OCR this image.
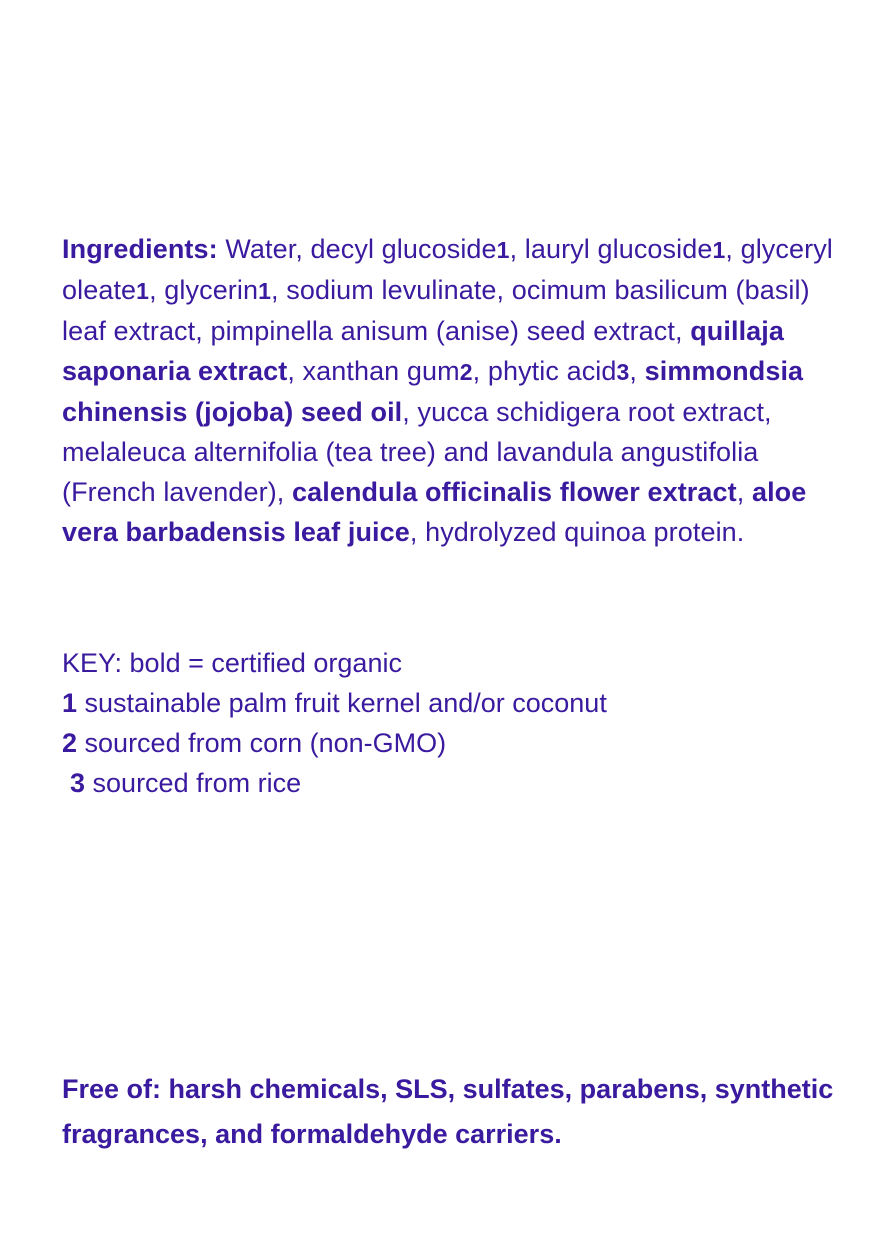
Ingredients: Water, decyl glucoside1, lauryl glucoside1, glyceryl oleate1, glycerin1, sodium levulinate, ocimum basilicum (basil) leaf extract, pimpinella anisum (anise) seed extract, quillaja saponaria extract, xanthan gum2, phytic acid3, simmondsia chinensis (jojoba) seed oil, yucca schidigera root extract, melaleuca alternifolia (tea tree) and lavandula angustifolia (French lavender), calendula officinalis flower extract, aloe vera barbadensis leaf juice, hydrolyzed quinoa protein.

KEY: bold = certified organic
1 sustainable palm fruit kernel and/or coconut
2 sourced from corn (non-GMO)
3 sourced from rice

Free of: harsh chemicals, SLS, sulfates, parabens, synthetic fragrances, and formaldehyde carriers.
